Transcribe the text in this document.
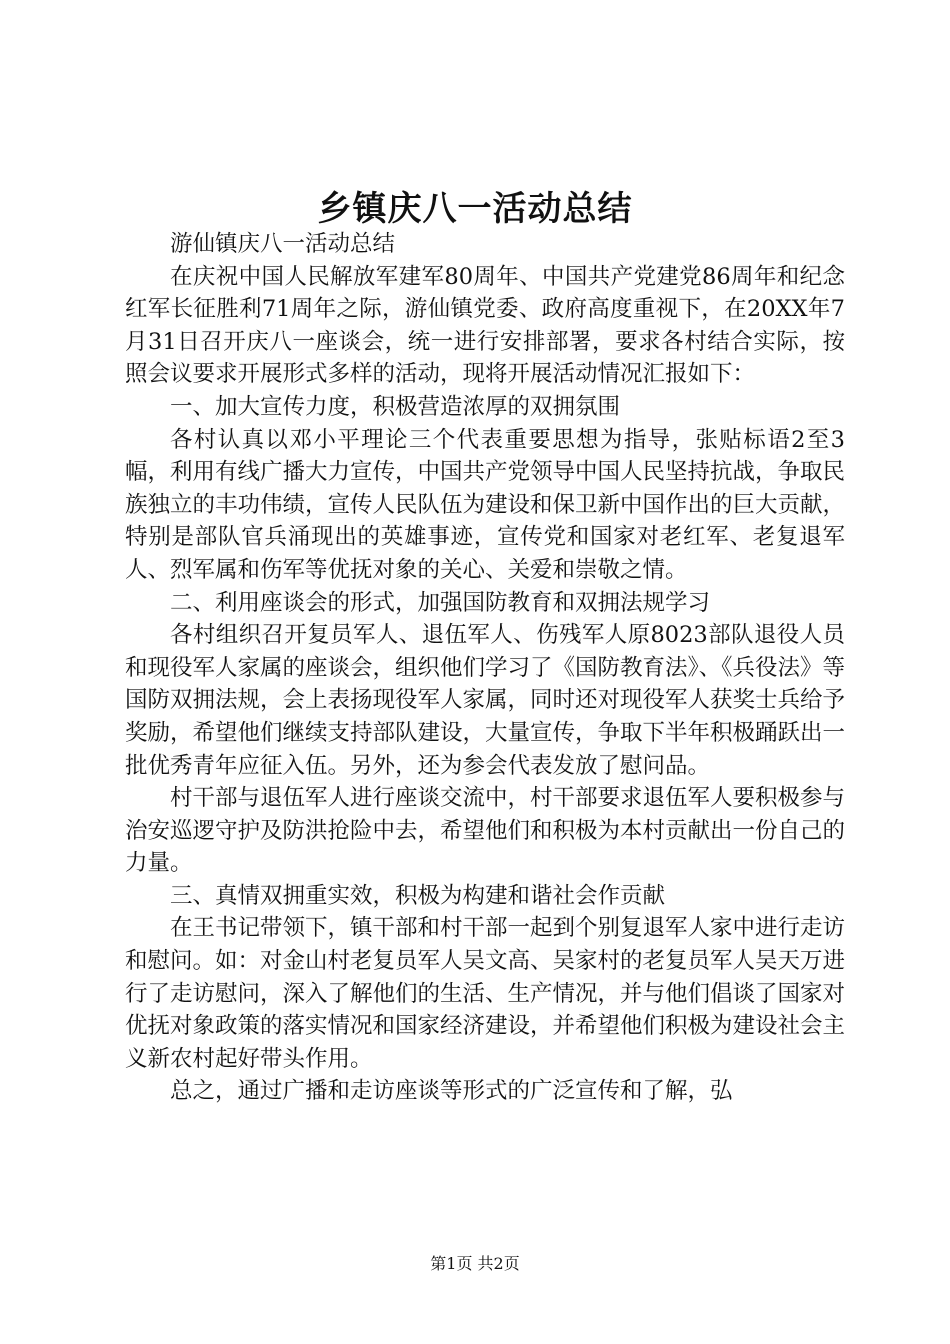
乡镇庆八一活动总结

游仙镇庆八一活动总结

在庆祝中国人民解放军建军80周年、中国共产党建党86周年和纪念红军长征胜利71周年之际，游仙镇党委、政府高度重视下，在20XX年7月31日召开庆八一座谈会，统一进行安排部署，要求各村结合实际，按照会议要求开展形式多样的活动，现将开展活动情况汇报如下：

一、加大宣传力度，积极营造浓厚的双拥氛围

各村认真以邓小平理论三个代表重要思想为指导，张贴标语2至3幅，利用有线广播大力宣传，中国共产党领导中国人民坚持抗战，争取民族独立的丰功伟绩，宣传人民队伍为建设和保卫新中国作出的巨大贡献，特别是部队官兵涌现出的英雄事迹，宣传党和国家对老红军、老复退军人、烈军属和伤军等优抚对象的关心、关爱和崇敬之情。

二、利用座谈会的形式，加强国防教育和双拥法规学习

各村组织召开复员军人、退伍军人、伤残军人原8023部队退役人员和现役军人家属的座谈会，组织他们学习了《国防教育法》、《兵役法》等国防双拥法规，会上表扬现役军人家属，同时还对现役军人获奖士兵给予奖励，希望他们继续支持部队建设，大量宣传，争取下半年积极踊跃出一批优秀青年应征入伍。另外，还为参会代表发放了慰问品。

村干部与退伍军人进行座谈交流中，村干部要求退伍军人要积极参与治安巡逻守护及防洪抢险中去，希望他们和积极为本村贡献出一份自己的力量。

三、真情双拥重实效，积极为构建和谐社会作贡献

在王书记带领下，镇干部和村干部一起到个别复退军人家中进行走访和慰问。如：对金山村老复员军人吴文高、吴家村的老复员军人吴天万进行了走访慰问，深入了解他们的生活、生产情况，并与他们倡谈了国家对优抚对象政策的落实情况和国家经济建设，并希望他们积极为建设社会主义新农村起好带头作用。

总之，通过广播和走访座谈等形式的广泛宣传和了解，弘

第1页 共2页
